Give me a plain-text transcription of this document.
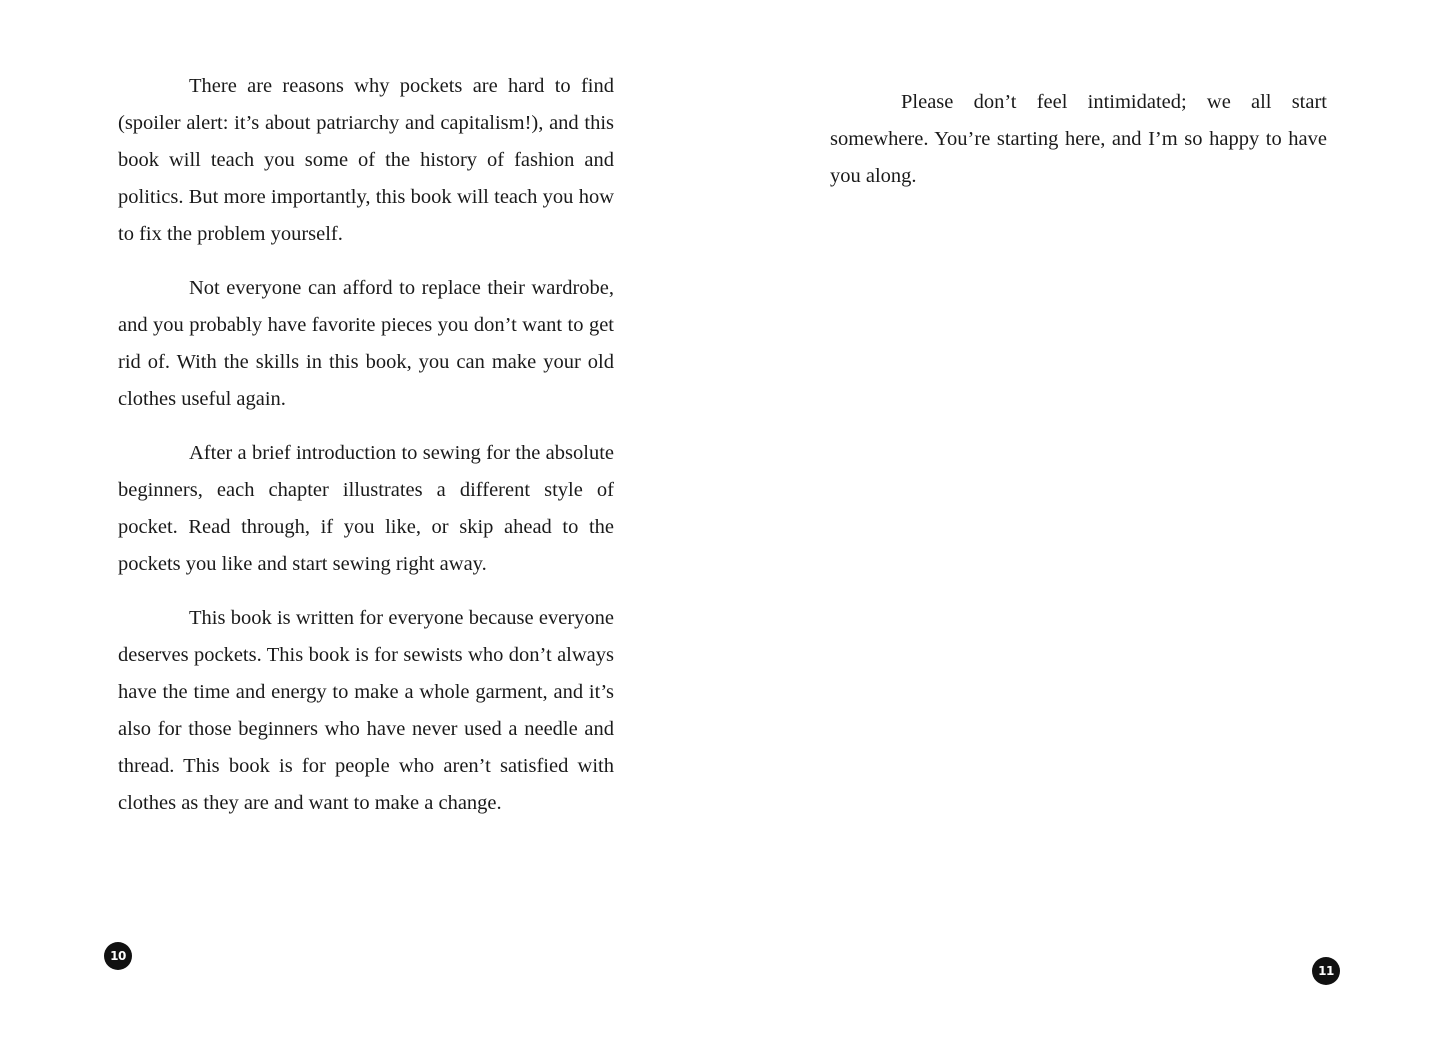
There are reasons why pockets are hard to find (spoiler alert: it’s about patriarchy and capitalism!), and this book will teach you some of the history of fashion and politics. But more importantly, this book will teach you how to fix the problem yourself.

Not everyone can afford to replace their wardrobe, and you probably have favorite pieces you don’t want to get rid of. With the skills in this book, you can make your old clothes useful again.

After a brief introduction to sewing for the absolute beginners, each chapter illustrates a different style of pocket. Read through, if you like, or skip ahead to the pockets you like and start sewing right away.

This book is written for everyone because everyone deserves pockets. This book is for sewists who don’t always have the time and energy to make a whole garment, and it’s also for those beginners who have never used a needle and thread. This book is for people who aren’t satisfied with clothes as they are and want to make a change.

10

Please don’t feel intimidated; we all start somewhere. You’re starting here, and I’m so happy to have you along.

11
